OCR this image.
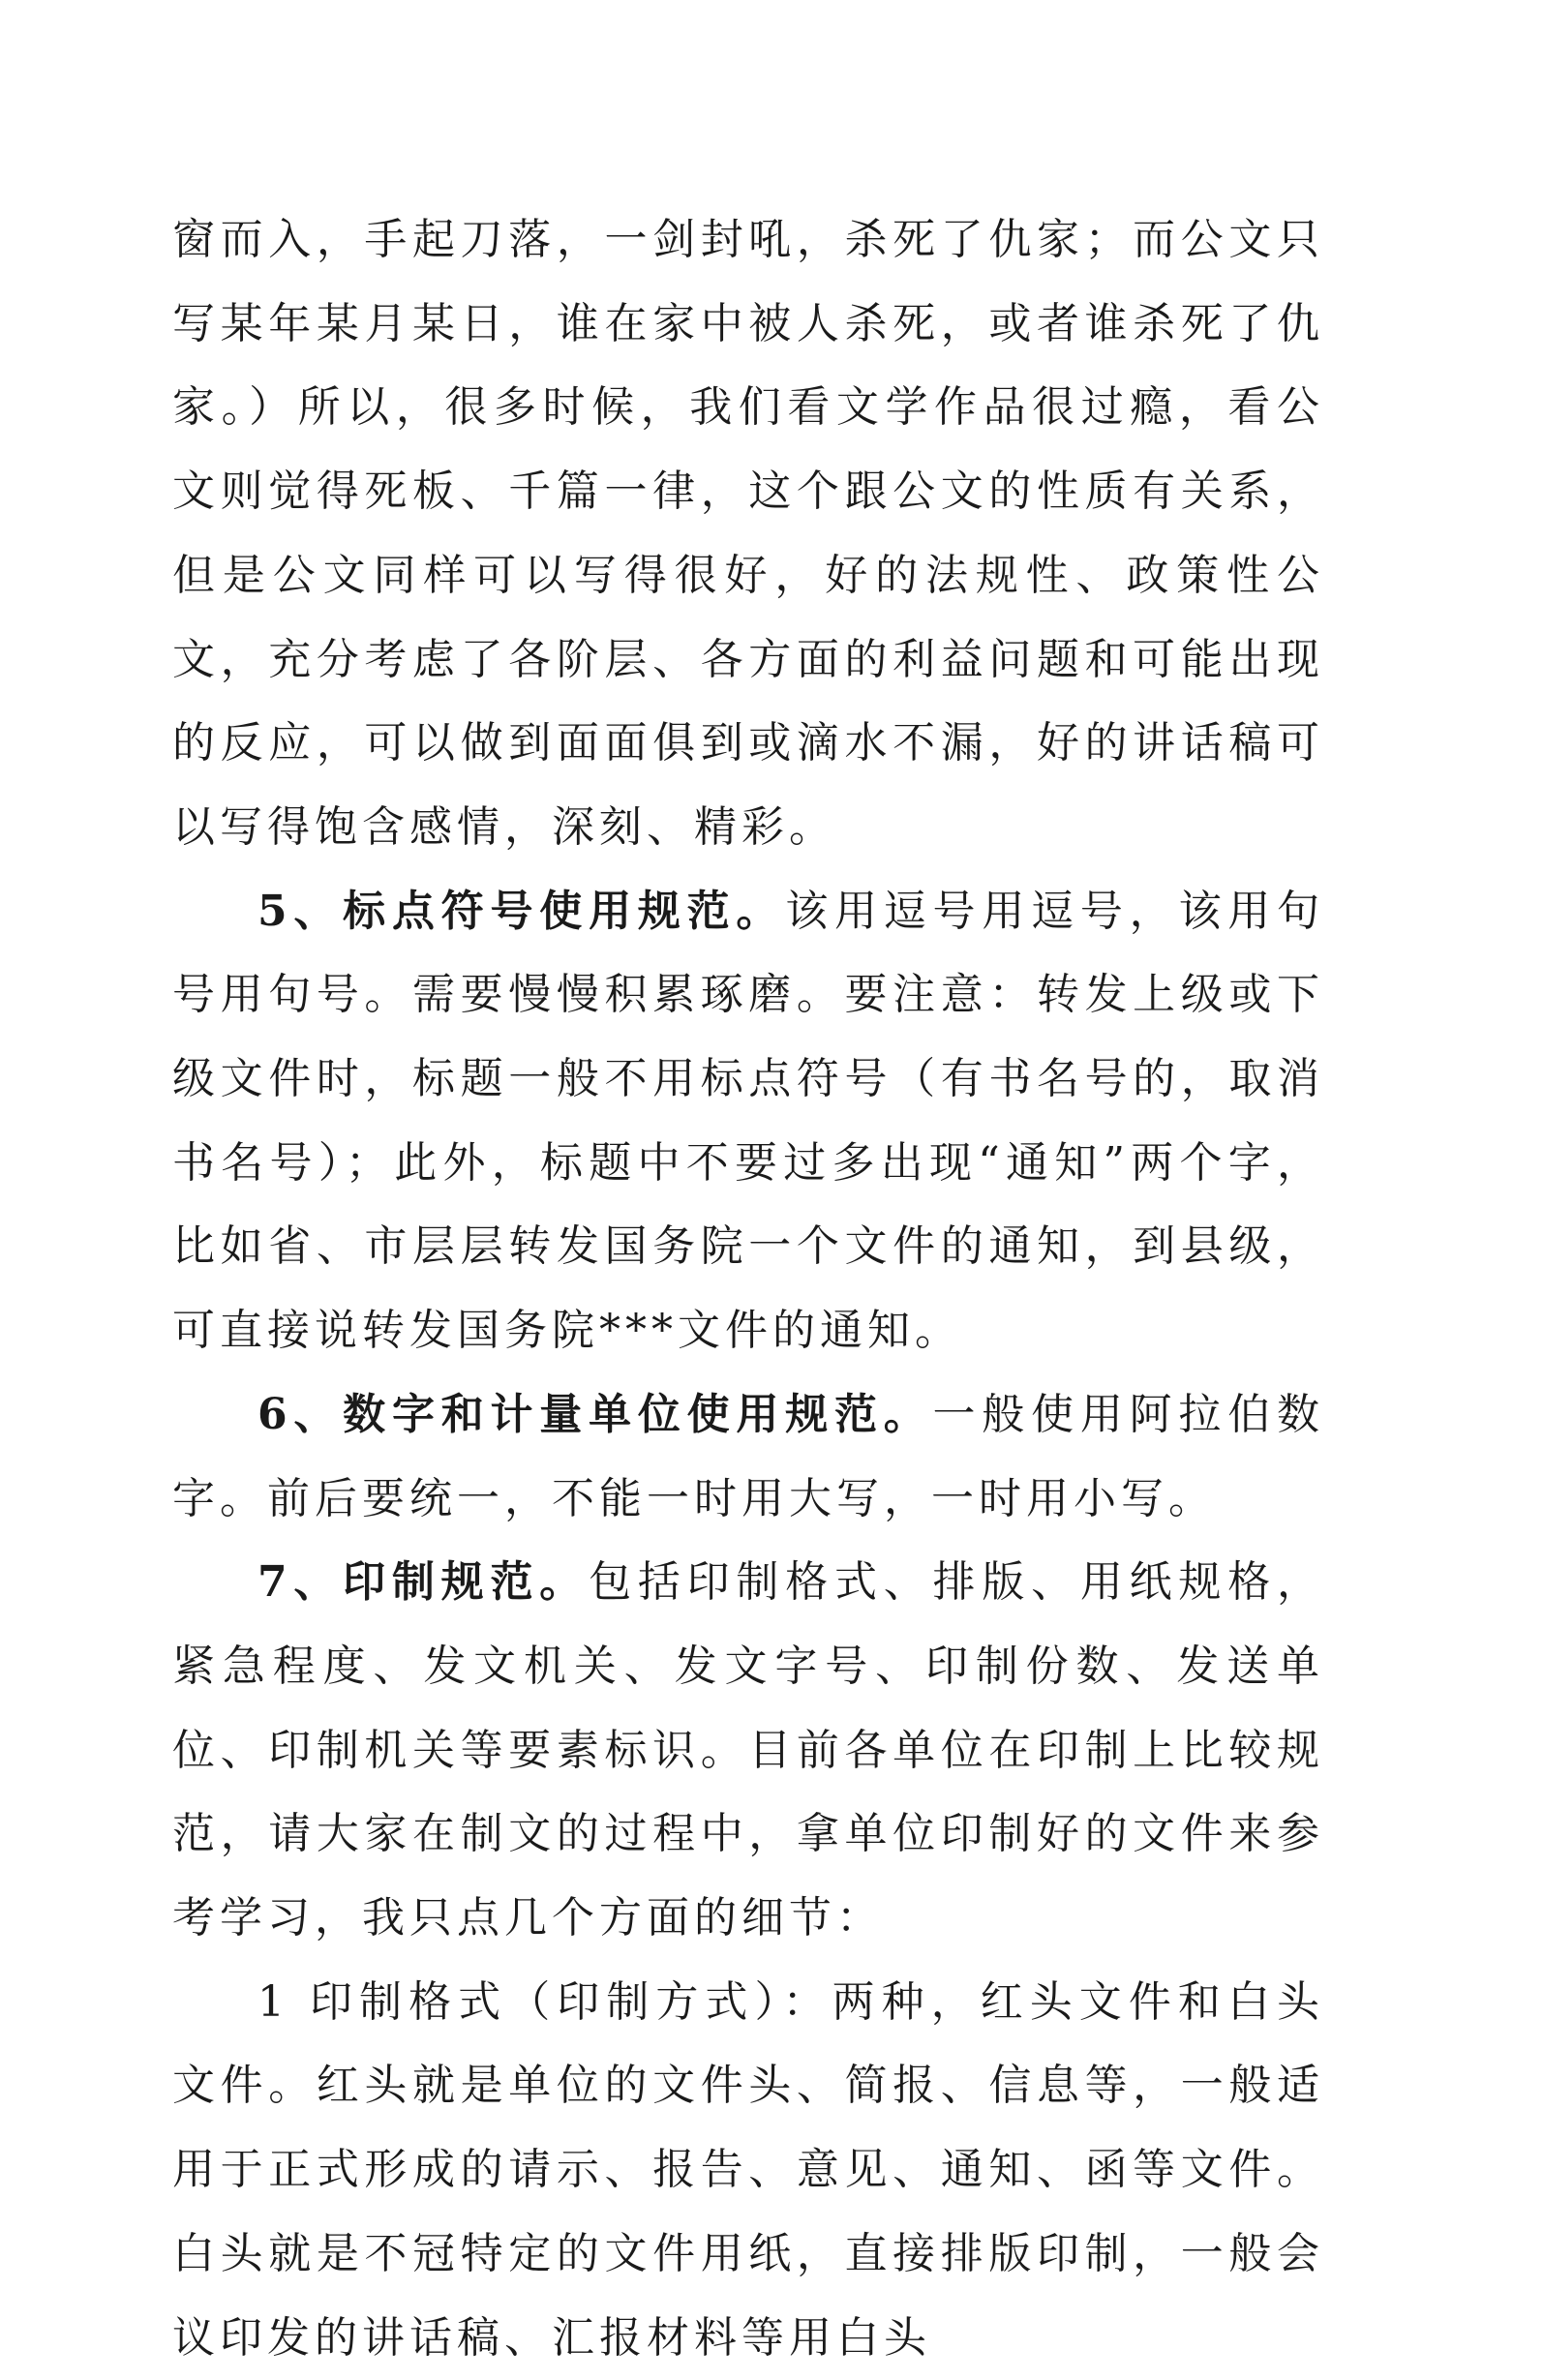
窗而入，手起刀落，一剑封吼，杀死了仇家；而公文只写某年某月某日，谁在家中被人杀死，或者谁杀死了仇家。）所以，很多时候，我们看文学作品很过瘾，看公文则觉得死板、千篇一律，这个跟公文的性质有关系，但是公文同样可以写得很好，好的法规性、政策性公文，充分考虑了各阶层、各方面的利益问题和可能出现的反应，可以做到面面俱到或滴水不漏，好的讲话稿可以写得饱含感情，深刻、精彩。

5、标点符号使用规范。该用逗号用逗号，该用句号用句号。需要慢慢积累琢磨。要注意：转发上级或下级文件时，标题一般不用标点符号（有书名号的，取消书名号）；此外，标题中不要过多出现“通知”两个字，比如省、市层层转发国务院一个文件的通知，到县级，可直接说转发国务院***文件的通知。

6、数字和计量单位使用规范。一般使用阿拉伯数字。前后要统一，不能一时用大写，一时用小写。

7、印制规范。包括印制格式、排版、用纸规格，紧急程度、发文机关、发文字号、印制份数、发送单位、印制机关等要素标识。目前各单位在印制上比较规范，请大家在制文的过程中，拿单位印制好的文件来参考学习，我只点几个方面的细节：

1 印制格式（印制方式）：两种，红头文件和白头文件。红头就是单位的文件头、简报、信息等，一般适用于正式形成的请示、报告、意见、通知、函等文件。白头就是不冠特定的文件用纸，直接排版印制，一般会议印发的讲话稿、汇报材料等用白头
